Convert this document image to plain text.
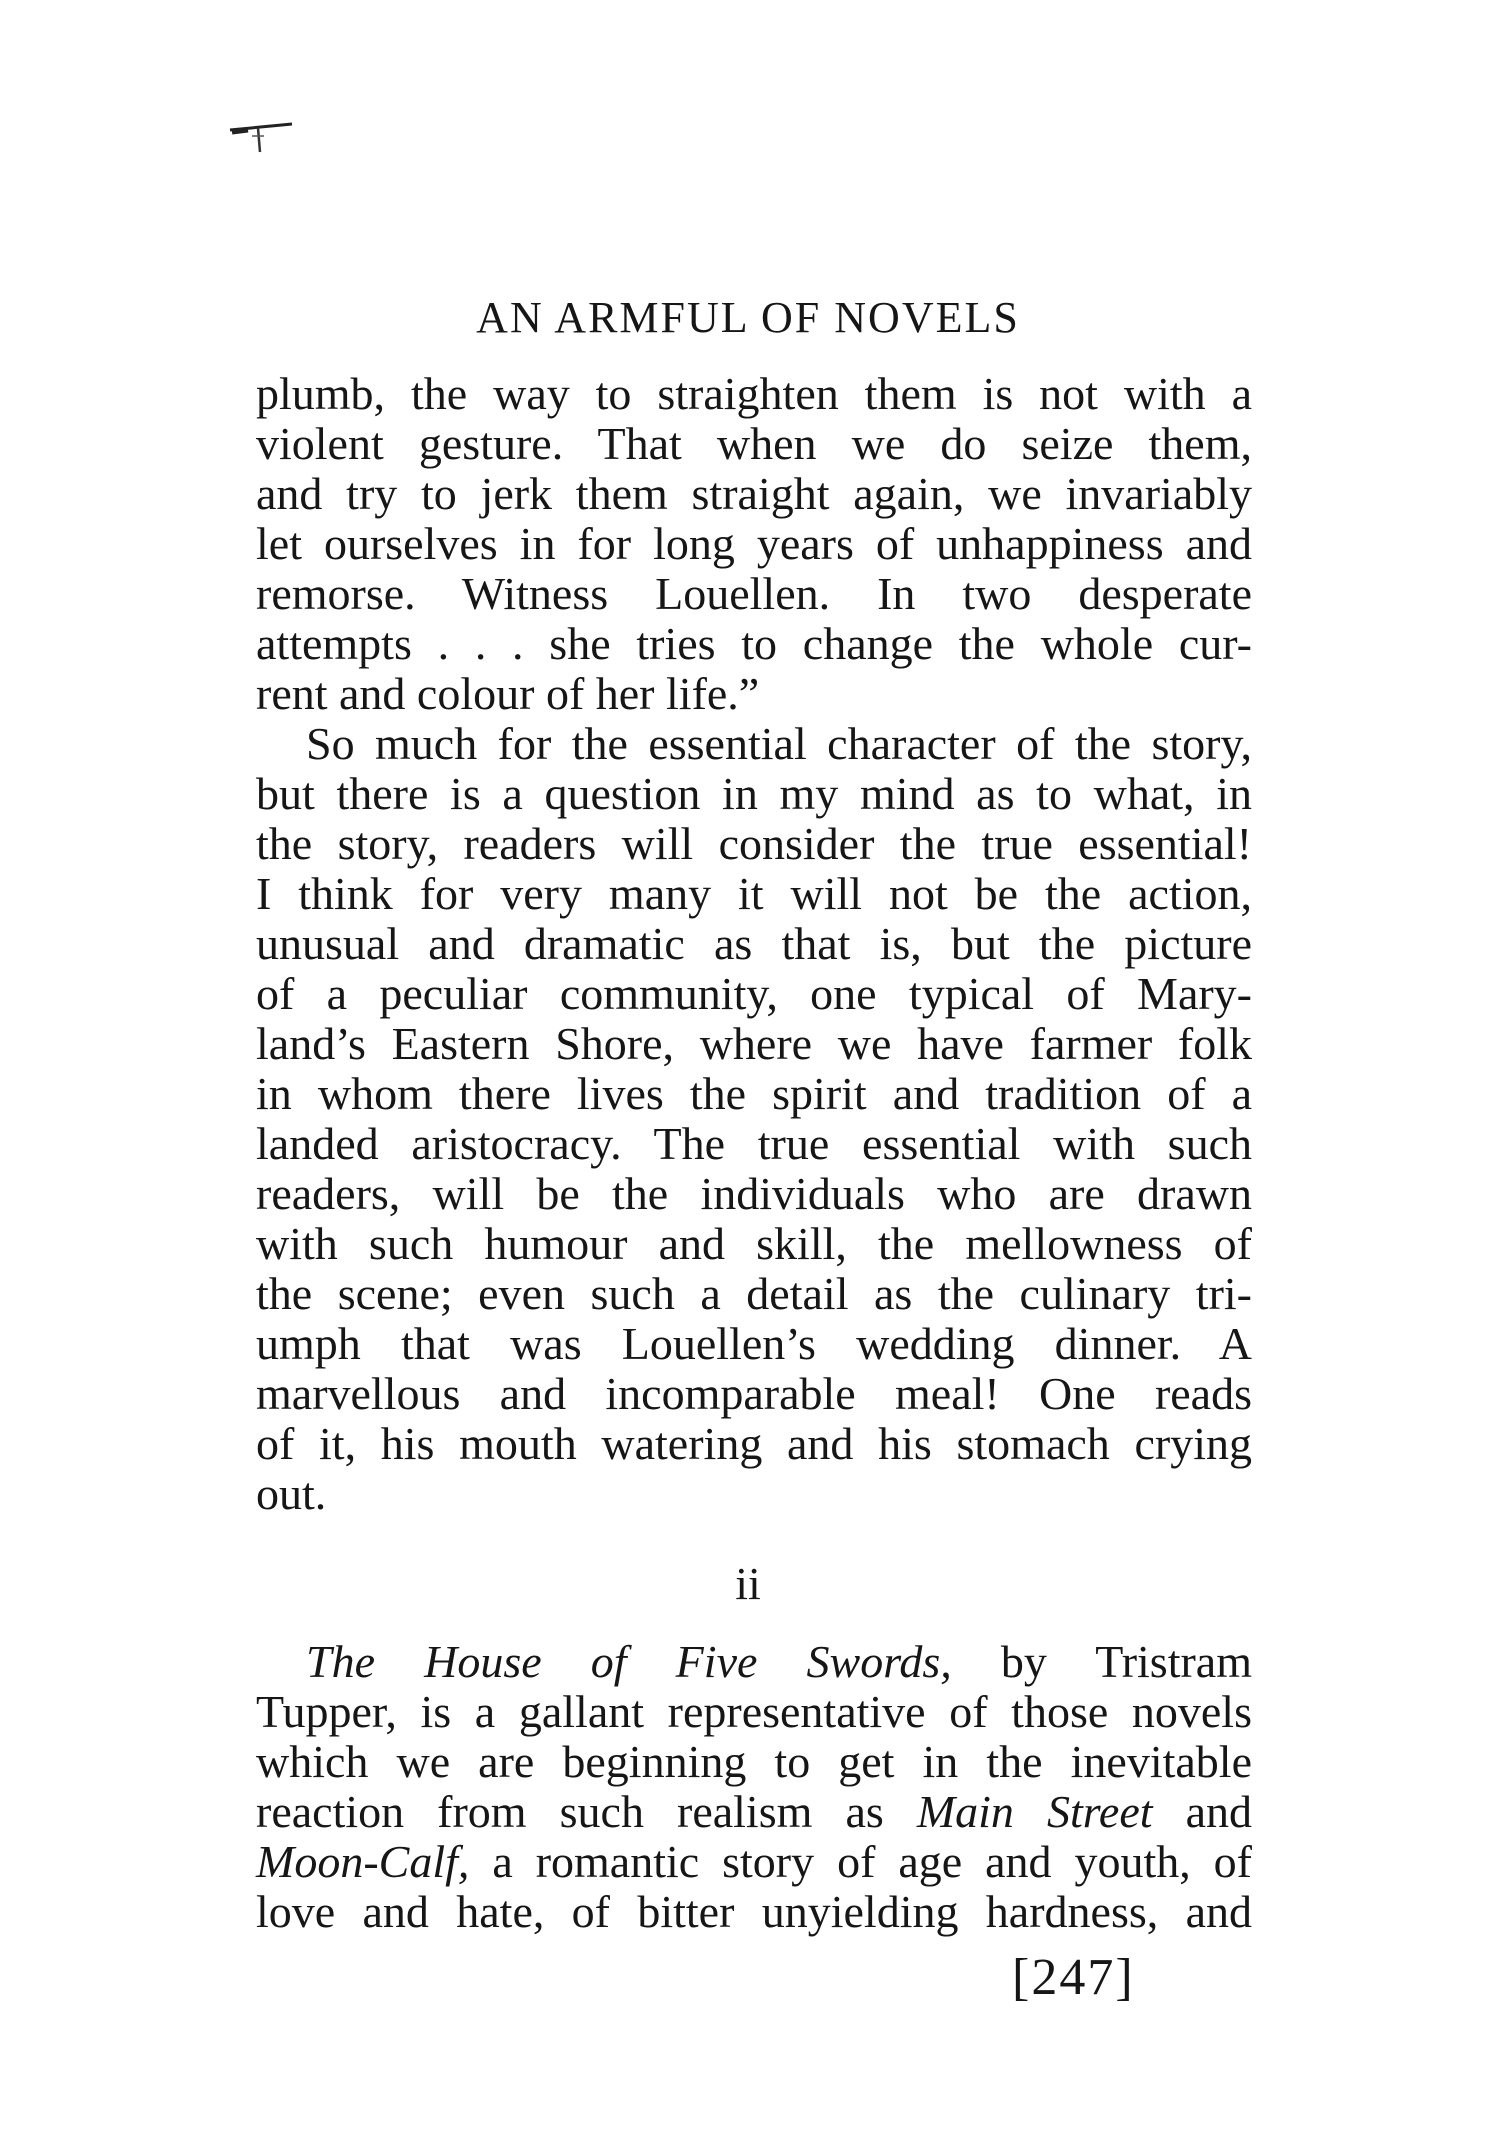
AN ARMFUL OF NOVELS
plumb, the way to straighten them is not with a
violent gesture. That when we do seize them,
and try to jerk them straight again, we invariably
let ourselves in for long years of unhappiness and
remorse. Witness Louellen. In two desperate
attempts . . . she tries to change the whole cur-
rent and colour of her life.”
So much for the essential character of the story,
but there is a question in my mind as to what, in
the story, readers will consider the true essential!
I think for very many it will not be the action,
unusual and dramatic as that is, but the picture
of a peculiar community, one typical of Mary-
land’s Eastern Shore, where we have farmer folk
in whom there lives the spirit and tradition of a
landed aristocracy. The true essential with such
readers, will be the individuals who are drawn
with such humour and skill, the mellowness of
the scene; even such a detail as the culinary tri-
umph that was Louellen’s wedding dinner. A
marvellous and incomparable meal! One reads
of it, his mouth watering and his stomach crying
out.
ii
The House of Five Swords, by Tristram
Tupper, is a gallant representative of those novels
which we are beginning to get in the inevitable
reaction from such realism as Main Street and
Moon-Calf, a romantic story of age and youth, of
love and hate, of bitter unyielding hardness, and
[247]
